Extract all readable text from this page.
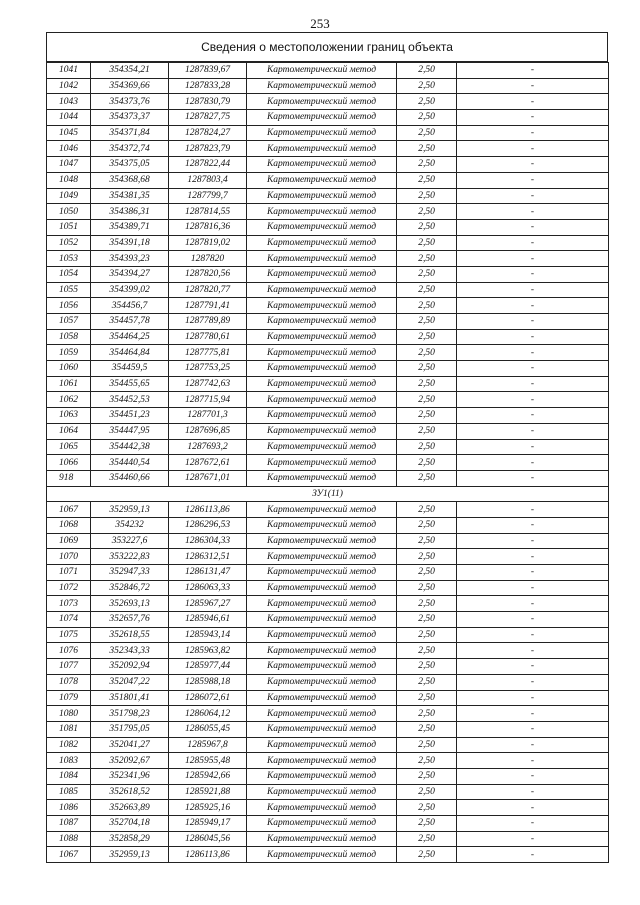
253
Сведения о местоположении границ объекта
1041	354354,21	1287839,67	Картометрический метод	2,50	-
1042	354369,66	1287833,28	Картометрический метод	2,50	-
1043	354373,76	1287830,79	Картометрический метод	2,50	-
1044	354373,37	1287827,75	Картометрический метод	2,50	-
1045	354371,84	1287824,27	Картометрический метод	2,50	-
1046	354372,74	1287823,79	Картометрический метод	2,50	-
1047	354375,05	1287822,44	Картометрический метод	2,50	-
1048	354368,68	1287803,4	Картометрический метод	2,50	-
1049	354381,35	1287799,7	Картометрический метод	2,50	-
1050	354386,31	1287814,55	Картометрический метод	2,50	-
1051	354389,71	1287816,36	Картометрический метод	2,50	-
1052	354391,18	1287819,02	Картометрический метод	2,50	-
1053	354393,23	1287820	Картометрический метод	2,50	-
1054	354394,27	1287820,56	Картометрический метод	2,50	-
1055	354399,02	1287820,77	Картометрический метод	2,50	-
1056	354456,7	1287791,41	Картометрический метод	2,50	-
1057	354457,78	1287789,89	Картометрический метод	2,50	-
1058	354464,25	1287780,61	Картометрический метод	2,50	-
1059	354464,84	1287775,81	Картометрический метод	2,50	-
1060	354459,5	1287753,25	Картометрический метод	2,50	-
1061	354455,65	1287742,63	Картометрический метод	2,50	-
1062	354452,53	1287715,94	Картометрический метод	2,50	-
1063	354451,23	1287701,3	Картометрический метод	2,50	-
1064	354447,95	1287696,85	Картометрический метод	2,50	-
1065	354442,38	1287693,2	Картометрический метод	2,50	-
1066	354440,54	1287672,61	Картометрический метод	2,50	-
918	354460,66	1287671,01	Картометрический метод	2,50	-
ЗУ1(11)					
1067	352959,13	1286113,86	Картометрический метод	2,50	-
1068	354232	1286296,53	Картометрический метод	2,50	-
1069	353227,6	1286304,33	Картометрический метод	2,50	-
1070	353222,83	1286312,51	Картометрический метод	2,50	-
1071	352947,33	1286131,47	Картометрический метод	2,50	-
1072	352846,72	1286063,33	Картометрический метод	2,50	-
1073	352693,13	1285967,27	Картометрический метод	2,50	-
1074	352657,76	1285946,61	Картометрический метод	2,50	-
1075	352618,55	1285943,14	Картометрический метод	2,50	-
1076	352343,33	1285963,82	Картометрический метод	2,50	-
1077	352092,94	1285977,44	Картометрический метод	2,50	-
1078	352047,22	1285988,18	Картометрический метод	2,50	-
1079	351801,41	1286072,61	Картометрический метод	2,50	-
1080	351798,23	1286064,12	Картометрический метод	2,50	-
1081	351795,05	1286055,45	Картометрический метод	2,50	-
1082	352041,27	1285967,8	Картометрический метод	2,50	-
1083	352092,67	1285955,48	Картометрический метод	2,50	-
1084	352341,96	1285942,66	Картометрический метод	2,50	-
1085	352618,52	1285921,88	Картометрический метод	2,50	-
1086	352663,89	1285925,16	Картометрический метод	2,50	-
1087	352704,18	1285949,17	Картометрический метод	2,50	-
1088	352858,29	1286045,56	Картометрический метод	2,50	-
1067	352959,13	1286113,86	Картометрический метод	2,50	-
